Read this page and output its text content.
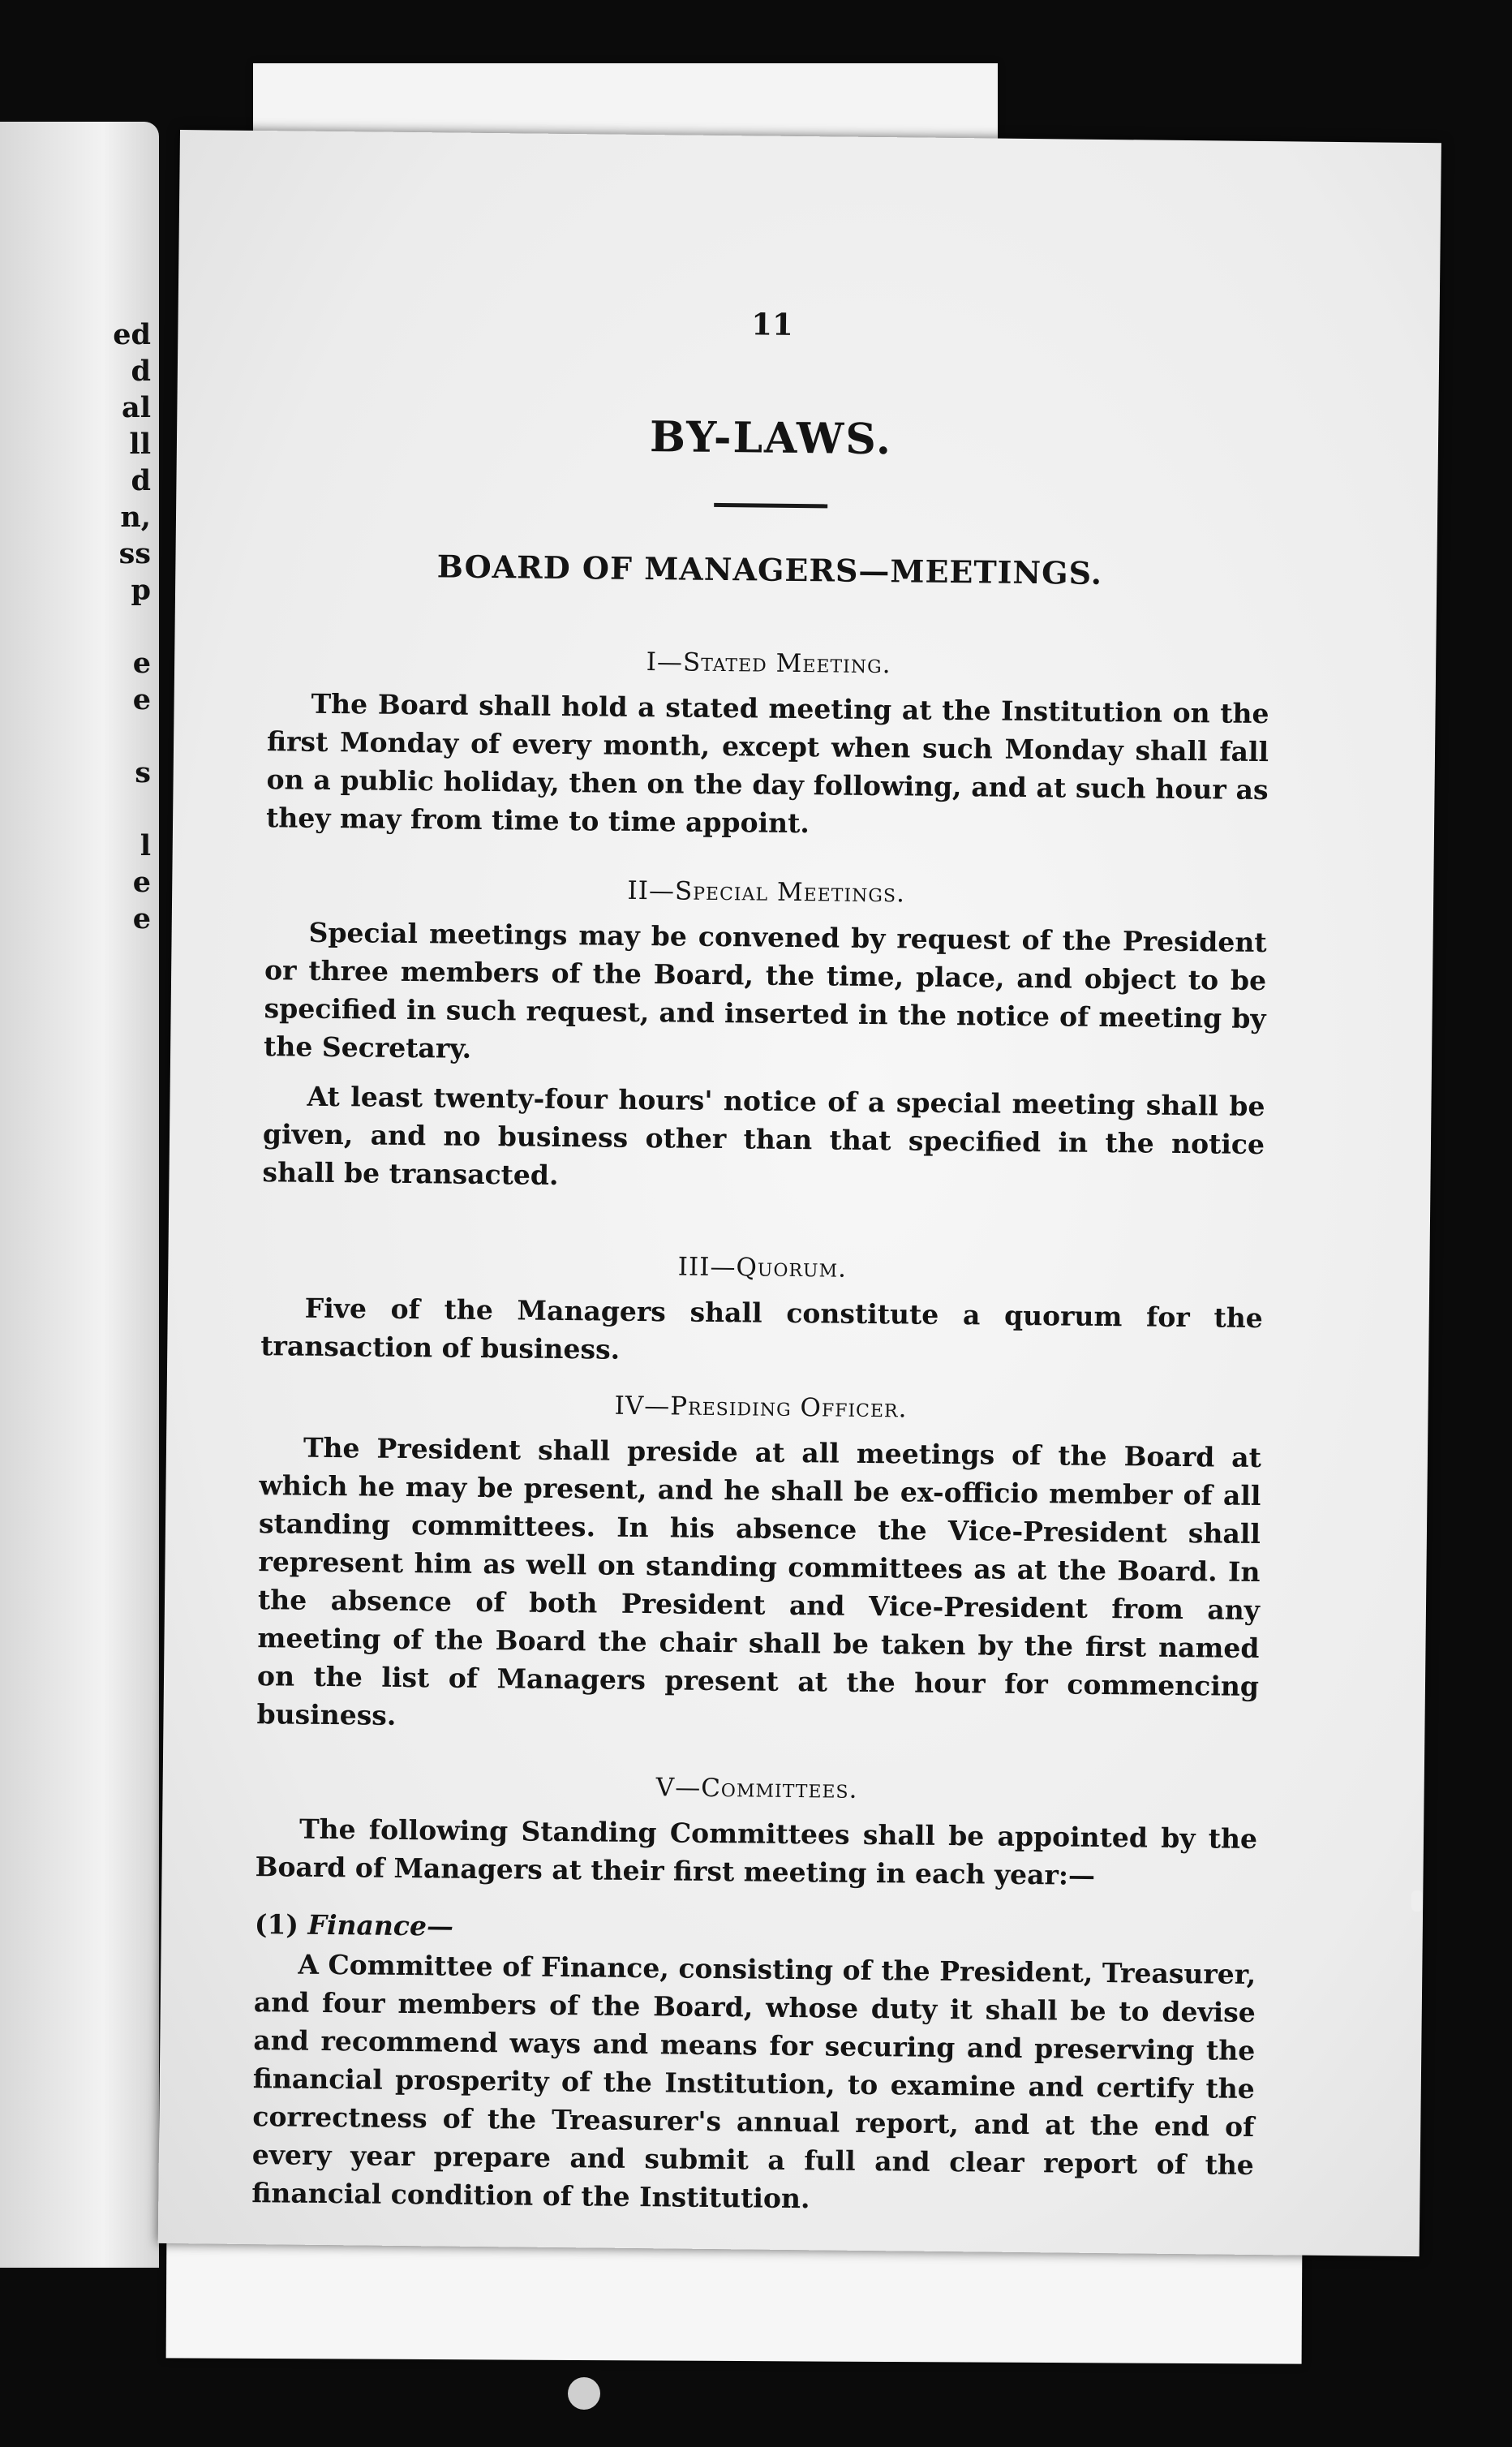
ed
d
al
ll
d
n,
ss
p
e
e
s
l
e
e
11
BY-LAWS.
BOARD OF MANAGERS—MEETINGS.
I—Stated Meeting.

The Board shall hold a stated meeting at the Institution on the first Monday of every month, except when such Monday shall fall on a public holiday, then on the day following, and at such hour as they may from time to time appoint.

II—Special Meetings.

Special meetings may be convened by request of the President or three members of the Board, the time, place, and object to be specified in such request, and inserted in the notice of meeting by the Secretary.

At least twenty-four hours' notice of a special meeting shall be given, and no business other than that specified in the notice shall be transacted.

III—Quorum.

Five of the Managers shall constitute a quorum for the transaction of business.

IV—Presiding Officer.

The President shall preside at all meetings of the Board at which he may be present, and he shall be ex-officio member of all standing committees. In his absence the Vice-President shall represent him as well on standing committees as at the Board. In the absence of both President and Vice-President from any meeting of the Board the chair shall be taken by the first named on the list of Managers present at the hour for commencing business.

V—Committees.

The following Standing Committees shall be appointed by the Board of Managers at their first meeting in each year:—

(1) Finance—

A Committee of Finance, consisting of the President, Treasurer, and four members of the Board, whose duty it shall be to devise and recommend ways and means for securing and preserving the financial prosperity of the Institution, to examine and certify the correctness of the Treasurer's annual report, and at the end of every year prepare and submit a full and clear report of the financial condition of the Institution.
